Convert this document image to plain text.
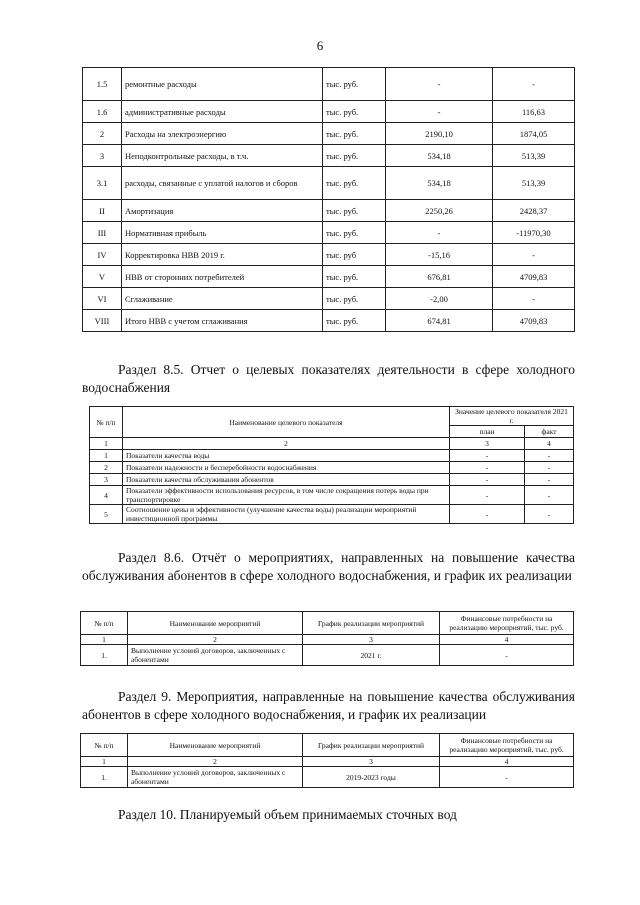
6
1.5	ремонтные расходы	тыс. руб.	-	-
1.6	административные расходы	тыс. руб.	-	116,63
2	Расходы на электроэнергию	тыс. руб.	2190,10	1874,05
3	Неподконтрольные расходы, в т.ч.	тыс. руб.	534,18	513,39
3.1	расходы, связанные с уплатой налогов и сборов	тыс. руб.	534,18	513,39
II	Амортизация	тыс. руб.	2250,26	2428,37
III	Нормативная прибыль	тыс. руб.	-	-11970,30
IV	Корректировка НВВ 2019 г.	тыс. руб	-15,16	-
V	НВВ от сторонних потребителей	тыс. руб.	676,81	4709,83
VI	Сглаживание	тыс. руб.	-2,00	-
VIII	Итого НВВ с учетом сглаживания	тыс. руб.	674,81	4709,83
Раздел 8.5. Отчет о целевых показателях деятельности в сфере холодного водоснабжения
№ п/п	Наименование целевого показателя	Значение целевого показателя 2021 г.	
		план	факт
1	2	3	4
1	Показатели качества воды	-	-
2	Показатели надежности и бесперебойности водоснабжения	-	-
3	Показатели качества обслуживания абонентов	-	-
4	Показатели эффективности использования ресурсов, в том числе сокращения потерь воды при транспортировке	-	-
5	Соотношение цены и эффективности (улучшение качества воды) реализации мероприятий инвестиционной программы	-	-
Раздел 8.6. Отчёт о мероприятиях, направленных на повышение качества обслуживания абонентов в сфере холодного водоснабжения, и график их реализации
№ п/п	Наименование мероприятий	График реализации мероприятий	Финансовые потребности на реализацию мероприятий, тыс. руб.
1	2	3	4
1.	Выполнение условий договоров, заключенных с абонентами	2021 г.	-
Раздел 9. Мероприятия, направленные на повышение качества обслуживания абонентов в сфере холодного водоснабжения, и график их реализации
№ п/п	Наименование мероприятий	График реализации мероприятий	Финансовые потребности на реализацию мероприятий, тыс. руб.
1	2	3	4
1.	Выполнение условий договоров, заключенных с абонентами	2019-2023 годы	-
Раздел 10. Планируемый объем принимаемых сточных вод
